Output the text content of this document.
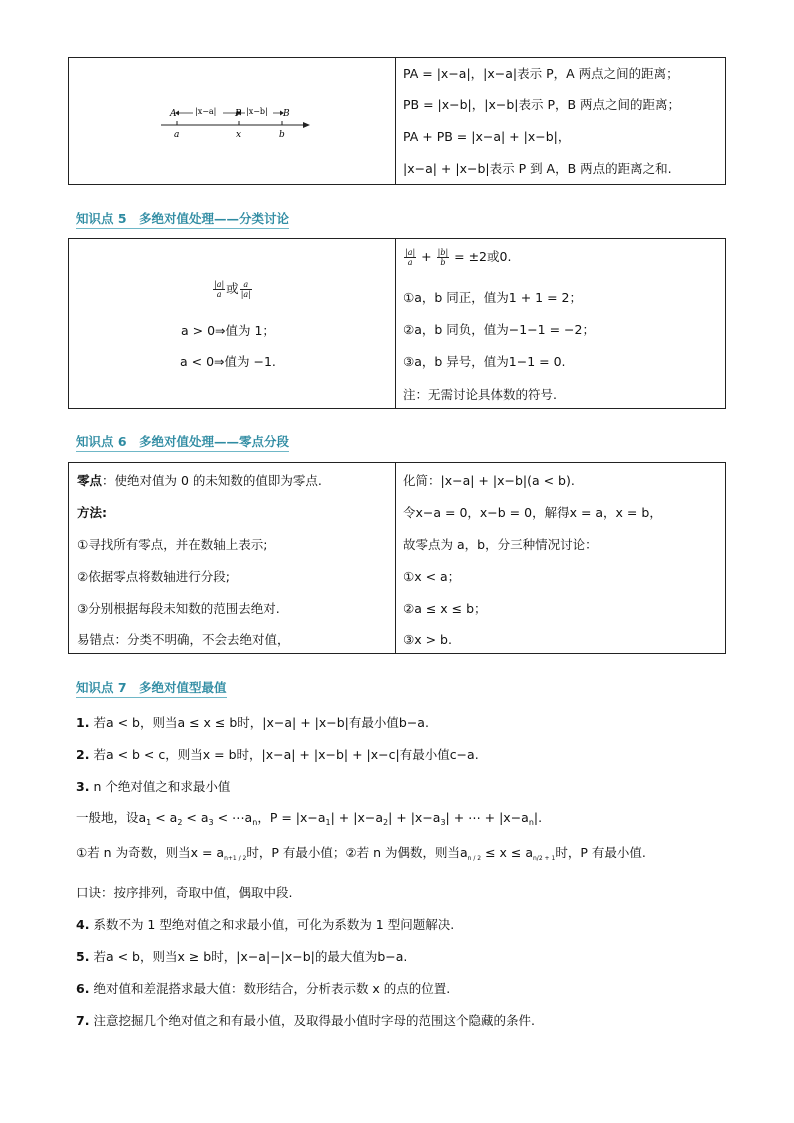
A	P	B
|x−a|	|x−b|
a	x	b
PA = |x−a|，|x−a|表示 P，A 两点之间的距离；
PB = |x−b|，|x−b|表示 P，B 两点之间的距离；
PA + PB = |x−a| + |x−b|，
|x−a| + |x−b|表示 P 到 A，B 两点的距离之和.
知识点 5　多绝对值处理——分类讨论
$\frac{|a|}{a}$ 或 $\frac{a}{|a|}$
a > 0⇒值为 1；
a < 0⇒值为 −1.
$\frac{|a|}{a} + \frac{|b|}{b} = \pm 2$或0.
①a，b 同正，值为1 + 1 = 2；
②a，b 同负，值为−1−1 = −2；
③a，b 异号，值为1−1 = 0.
注：无需讨论具体数的符号.
知识点 6　多绝对值处理——零点分段
零点：使绝对值为 0 的未知数的值即为零点.
方法:
①寻找所有零点，并在数轴上表示;
②依据零点将数轴进行分段;
③分别根据每段未知数的范围去绝对.
易错点：分类不明确，不会去绝对值，
化简：|x−a| + |x−b|(a < b).
令x−a = 0，x−b = 0，解得x = a，x = b，
故零点为 a，b，分三种情况讨论：
①x < a；
②a ≤ x ≤ b；
③x > b.
知识点 7　多绝对值型最值
1. 若a < b，则当a ≤ x ≤ b时，|x−a| + |x−b|有最小值b−a.
2. 若a < b < c，则当x = b时，|x−a| + |x−b| + |x−c|有最小值c−a.
3. n 个绝对值之和求最小值
一般地，设$a_1 < a_2 < a_3$ < $\cdots a_n$，$P = |x-a_1| + |x-a_2| + |x-a_3|$ + ⋯ + $|x-a_n|$.
①若 n 为奇数，则当$x = a_{n+1 / 2}$时，P 有最小值；②若 n 为偶数，则当$a_{n / 2} \le x \le a_{n/2 + 1}$时，P 有最小值.
口诀：按序排列，奇取中值，偶取中段.
4. 系数不为 1 型绝对值之和求最小值，可化为系数为 1 型问题解决.
5. 若a < b，则当x ≥ b时，|x−a|−|x−b|的最大值为b−a.
6. 绝对值和差混搭求最大值：数形结合，分析表示数 x 的点的位置.
7. 注意挖掘几个绝对值之和有最小值，及取得最小值时字母的范围这个隐藏的条件.
